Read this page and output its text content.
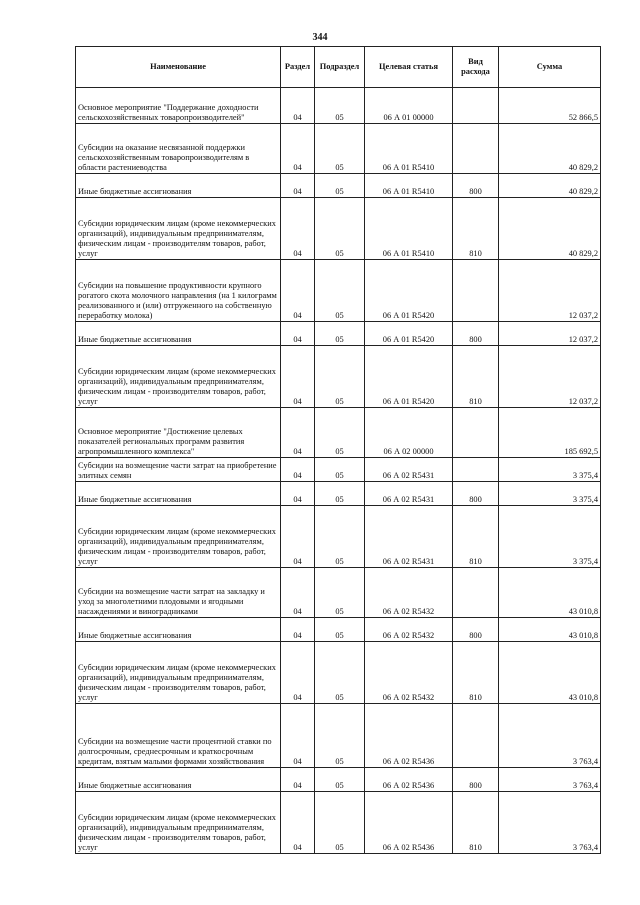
344
Наименование	Раздел	Подраздел	Целевая статья	Вид расхода	Сумма

Основное мероприятие "Поддержание доходности сельскохозяйственных товаропроизводителей"	04	05	06 А 01 00000		52 866,5

Субсидии на оказание несвязанной поддержки сельскохозяйственным товаропроизводителям в области растениеводства	04	05	06 А 01 R5410		40 829,2

Иные бюджетные ассигнования	04	05	06 А 01 R5410	800	40 829,2

Субсидии юридическим лицам (кроме некоммерческих организаций), индивидуальным предпринимателям, физическим лицам - производителям товаров, работ, услуг	04	05	06 А 01 R5410	810	40 829,2

Субсидии на повышение продуктивности крупного рогатого скота молочного направления (на 1 килограмм реализованного и (или) отгруженного на собственную переработку молока)	04	05	06 А 01 R5420		12 037,2

Иные бюджетные ассигнования	04	05	06 А 01 R5420	800	12 037,2

Субсидии юридическим лицам (кроме некоммерческих организаций), индивидуальным предпринимателям, физическим лицам - производителям товаров, работ, услуг	04	05	06 А 01 R5420	810	12 037,2

Основное мероприятие "Достижение целевых показателей региональных программ развития агропромышленного комплекса"	04	05	06 А 02 00000		185 692,5

Субсидии на возмещение части затрат на приобретение элитных семян	04	05	06 А 02 R5431		3 375,4

Иные бюджетные ассигнования	04	05	06 А 02 R5431	800	3 375,4

Субсидии юридическим лицам (кроме некоммерческих организаций), индивидуальным предпринимателям, физическим лицам - производителям товаров, работ, услуг	04	05	06 А 02 R5431	810	3 375,4

Субсидии на возмещение части затрат на закладку и уход за многолетними плодовыми и ягодными насаждениями и виноградниками	04	05	06 А 02 R5432		43 010,8

Иные бюджетные ассигнования	04	05	06 А 02 R5432	800	43 010,8

Субсидии юридическим лицам (кроме некоммерческих организаций), индивидуальным предпринимателям, физическим лицам - производителям товаров, работ, услуг	04	05	06 А 02 R5432	810	43 010,8

Субсидии на возмещение части процентной ставки по долгосрочным, среднесрочным и краткосрочным кредитам, взятым малыми формами хозяйствования	04	05	06 А 02 R5436		3 763,4

Иные бюджетные ассигнования	04	05	06 А 02 R5436	800	3 763,4

Субсидии юридическим лицам (кроме некоммерческих организаций), индивидуальным предпринимателям, физическим лицам - производителям товаров, работ, услуг	04	05	06 А 02 R5436	810	3 763,4
